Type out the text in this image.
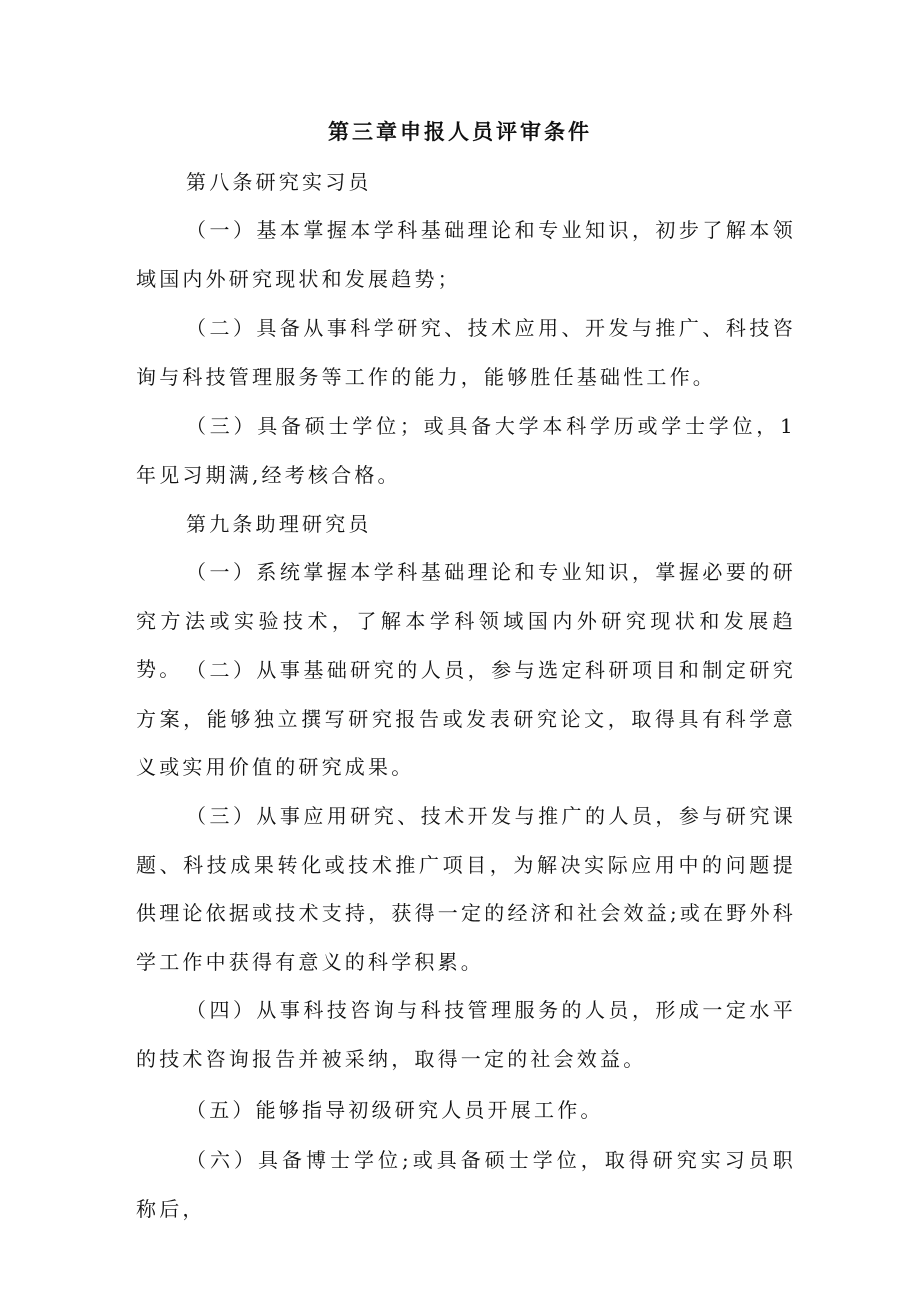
第三章申报人员评审条件

第八条研究实习员

（一）基本掌握本学科基础理论和专业知识，初步了解本领域国内外研究现状和发展趋势；

（二）具备从事科学研究、技术应用、开发与推广、科技咨询与科技管理服务等工作的能力，能够胜任基础性工作。

（三）具备硕士学位；或具备大学本科学历或学士学位，1年见习期满,经考核合格。

第九条助理研究员

（一）系统掌握本学科基础理论和专业知识，掌握必要的研究方法或实验技术，了解本学科领域国内外研究现状和发展趋势。 （二）从事基础研究的人员，参与选定科研项目和制定研究方案，能够独立撰写研究报告或发表研究论文，取得具有科学意义或实用价值的研究成果。

（三）从事应用研究、技术开发与推广的人员，参与研究课题、科技成果转化或技术推广项目，为解决实际应用中的问题提供理论依据或技术支持，获得一定的经济和社会效益;或在野外科学工作中获得有意义的科学积累。

（四）从事科技咨询与科技管理服务的人员，形成一定水平的技术咨询报告并被采纳，取得一定的社会效益。

（五）能够指导初级研究人员开展工作。

（六）具备博士学位;或具备硕士学位，取得研究实习员职称后，
